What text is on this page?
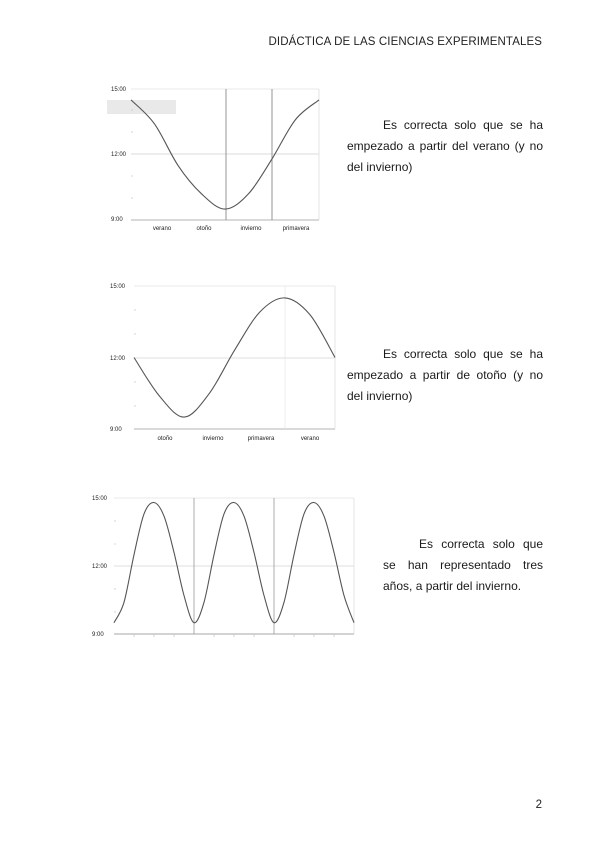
DIDÁCTICA DE LAS CIENCIAS EXPERIMENTALES
15:00
12:00
9:00
verano	otoño	invierno	primavera
Es correcta solo que se ha empezado a partir del verano (y no del invierno)
15:00
12:00
9:00
otoño	invierno	primavera	verano
Es correcta solo que se ha empezado a partir de otoño (y no del invierno)
15:00
12:00
9:00
Es correcta solo que se han representado tres años, a partir del invierno.
2
